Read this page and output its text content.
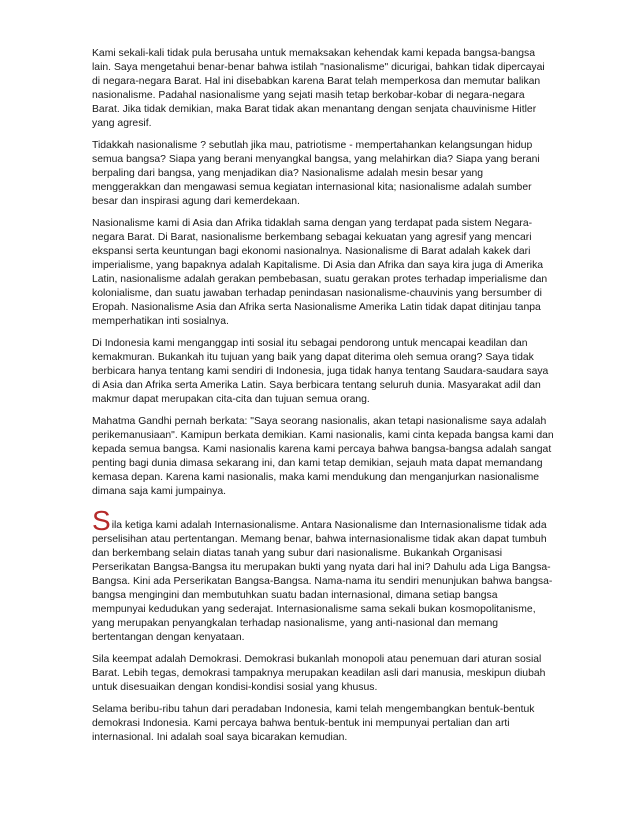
Kami sekali-kali tidak pula berusaha untuk memaksakan kehendak kami kepada bangsa-bangsa lain. Saya mengetahui benar-benar bahwa istilah "nasionalisme" dicurigai, bahkan tidak dipercayai di negara-negara Barat. Hal ini disebabkan karena Barat telah memperkosa dan memutar balikan nasionalisme. Padahal nasionalisme yang sejati masih tetap berkobar-kobar di negara-negara Barat. Jika tidak demikian, maka Barat tidak akan menantang dengan senjata chauvinisme Hitler yang agresif.

Tidakkah nasionalisme ? sebutlah jika mau, patriotisme - mempertahankan kelangsungan hidup semua bangsa? Siapa yang berani menyangkal bangsa, yang melahirkan dia? Siapa yang berani berpaling dari bangsa, yang menjadikan dia? Nasionalisme adalah mesin besar yang menggerakkan dan mengawasi semua kegiatan internasional kita; nasionalisme adalah sumber besar dan inspirasi agung dari kemerdekaan.

Nasionalisme kami di Asia dan Afrika tidaklah sama dengan yang terdapat pada sistem Negara-negara Barat. Di Barat, nasionalisme berkembang sebagai kekuatan yang agresif yang mencari ekspansi serta keuntungan bagi ekonomi nasionalnya. Nasionalisme di Barat adalah kakek dari imperialisme, yang bapaknya adalah Kapitalisme. Di Asia dan Afrika dan saya kira juga di Amerika Latin, nasionalisme adalah gerakan pembebasan, suatu gerakan protes terhadap imperialisme dan kolonialisme, dan suatu jawaban terhadap penindasan nasionalisme-chauvinis yang bersumber di Eropah. Nasionalisme Asia dan Afrika serta Nasionalisme Amerika Latin tidak dapat ditinjau tanpa memperhatikan inti sosialnya.

Di Indonesia kami menganggap inti sosial itu sebagai pendorong untuk mencapai keadilan dan kemakmuran. Bukankah itu tujuan yang baik yang dapat diterima oleh semua orang? Saya tidak berbicara hanya tentang kami sendiri di Indonesia, juga tidak hanya tentang Saudara-saudara saya di Asia dan Afrika serta Amerika Latin. Saya berbicara tentang seluruh dunia. Masyarakat adil dan makmur dapat merupakan cita-cita dan tujuan semua orang.

Mahatma Gandhi pernah berkata: "Saya seorang nasionalis, akan tetapi nasionalisme saya adalah perikemanusiaan". Kamipun berkata demikian. Kami nasionalis, kami cinta kepada bangsa kami dan kepada semua bangsa. Kami nasionalis karena kami percaya bahwa bangsa-bangsa adalah sangat penting bagi dunia dimasa sekarang ini, dan kami tetap demikian, sejauh mata dapat memandang kemasa depan. Karena kami nasionalis, maka kami mendukung dan menganjurkan nasionalisme dimana saja kami jumpainya.

Sila ketiga kami adalah Internasionalisme. Antara Nasionalisme dan Internasionalisme tidak ada perselisihan atau pertentangan. Memang benar, bahwa internasionalisme tidak akan dapat tumbuh dan berkembang selain diatas tanah yang subur dari nasionalisme. Bukankah Organisasi Perserikatan Bangsa-Bangsa itu merupakan bukti yang nyata dari hal ini? Dahulu ada Liga Bangsa-Bangsa. Kini ada Perserikatan Bangsa-Bangsa. Nama-nama itu sendiri menunjukan bahwa bangsa-bangsa mengingini dan membutuhkan suatu badan internasional, dimana setiap bangsa mempunyai kedudukan yang sederajat. Internasionalisme sama sekali bukan kosmopolitanisme, yang merupakan penyangkalan terhadap nasionalisme, yang anti-nasional dan memang bertentangan dengan kenyataan.

Sila keempat adalah Demokrasi. Demokrasi bukanlah monopoli atau penemuan dari aturan sosial Barat. Lebih tegas, demokrasi tampaknya merupakan keadilan asli dari manusia, meskipun diubah untuk disesuaikan dengan kondisi-kondisi sosial yang khusus.

Selama beribu-ribu tahun dari peradaban Indonesia, kami telah mengembangkan bentuk-bentuk demokrasi Indonesia. Kami percaya bahwa bentuk-bentuk ini mempunyai pertalian dan arti internasional. Ini adalah soal saya bicarakan kemudian.
